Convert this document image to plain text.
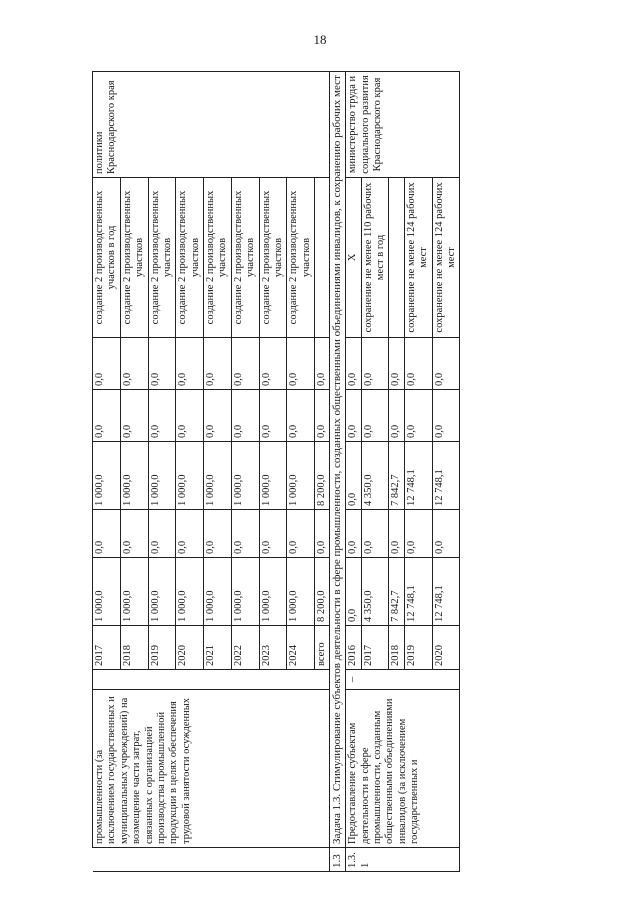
18
	промышленности (за исключением государственных и муниципальных учреждений) на возмещение части затрат, связанных с организацией производства промышленной продукции в целях обеспечения трудовой занятости осужденных		2017	1 000,0	0,0	1 000,0	0,0	0,0	создание 2 производственных участков в год	политики Краснодарского края
			2018	1 000,0	0,0	1 000,0	0,0	0,0	создание 2 производственных участков	
			2019	1 000,0	0,0	1 000,0	0,0	0,0	создание 2 производственных участков	
			2020	1 000,0	0,0	1 000,0	0,0	0,0	создание 2 производственных участков	
			2021	1 000,0	0,0	1 000,0	0,0	0,0	создание 2 производственных участков	
			2022	1 000,0	0,0	1 000,0	0,0	0,0	создание 2 производственных участков	
			2023	1 000,0	0,0	1 000,0	0,0	0,0	создание 2 производственных участков	
			2024	1 000,0	0,0	1 000,0	0,0	0,0	создание 2 производственных участков	
			всего	8 200,0	0,0	8 200,0	0,0	0,0		
1.3	Задача 1.3. Стимулирование субъектов деятельности в сфере промышленности, созданных общественными объединениями инвалидов, к сохранению рабочих мест									
1.3.1	Предоставление субъектам деятельности в сфере промышленности, созданным общественными объединениями инвалидов (за исключением государственных и	–	2016	0,0	0,0	0,0	0,0	0,0	Х	министерство труда и социального развития Краснодарского края
			2017	4 350,0	0,0	4 350,0	0,0	0,0	сохранение не менее 110 рабочих мест в год	
			2018	7 842,7	0,0	7 842,7	0,0	0,0		
			2019	12 748,1	0,0	12 748,1	0,0	0,0	сохранение не менее 124 рабочих мест	
			2020	12 748,1	0,0	12 748,1	0,0	0,0	сохранение не менее 124 рабочих мест	
